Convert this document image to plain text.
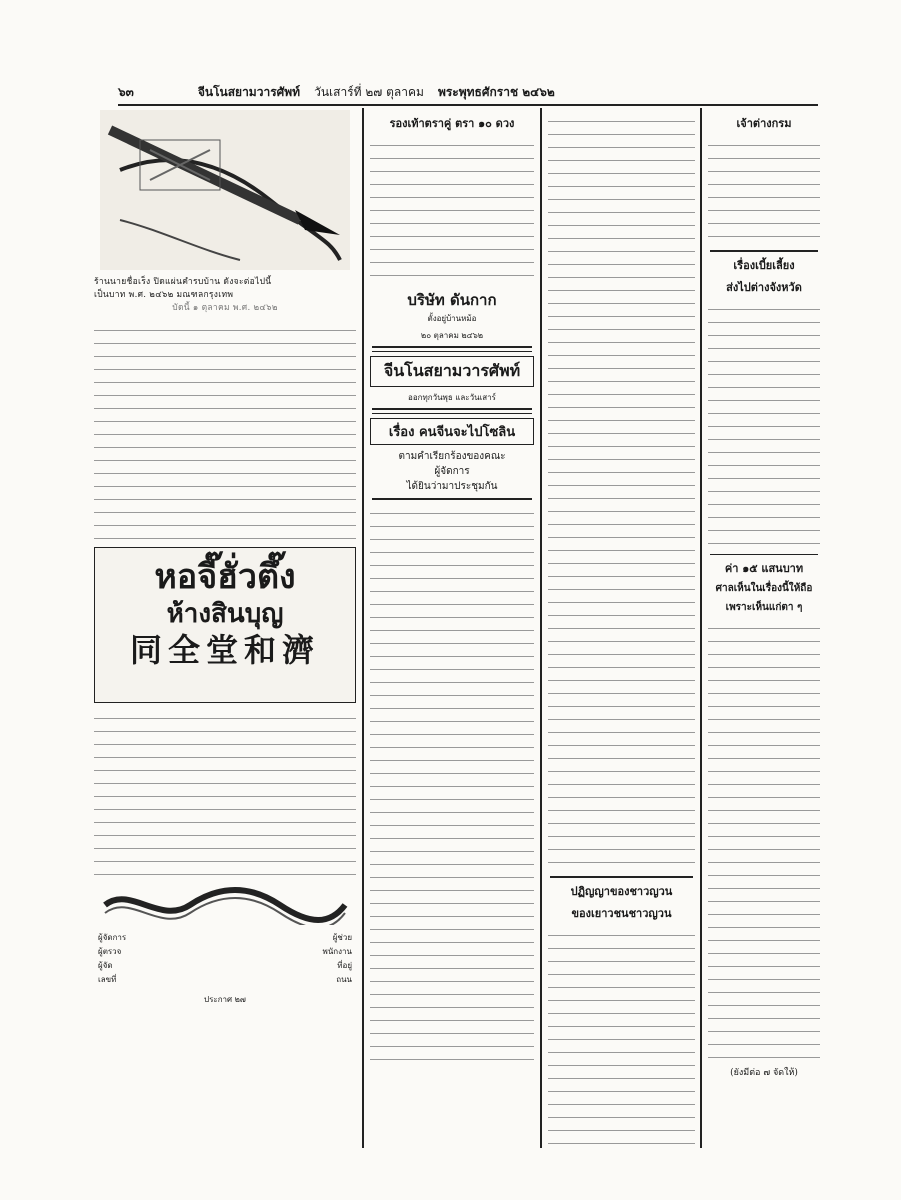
๖๓	จีนโนสยามวารศัพท์ วันเสาร์ที่ ๒๗ ตุลาคม พระพุทธศักราช ๒๔๖๒

ร้านนายชื่อเร็ง ปิดแผ่นคำรบบ้าน ดังจะต่อไปนี้

เป็นบาท พ.ศ. ๒๔๖๒ มณฑลกรุงเทพ

บัดนี้ ๑ ตุลาคม พ.ศ. ๒๔๖๒

หอจี๊ฮั่วตึ๊ง
ห้างสินบุญ
同全堂和濟
ผู้จัดการ	ผู้ช่วย
ผู้ตรวจ	พนักงาน
ผู้จัด	ที่อยู่
เลขที่	ถนน
ประกาศ ๒๗
รองเท้าตราคู่ ตรา ๑๐ ดวง
บริษัท ดันกาก
ตั้งอยู่บ้านหม้อ
๒๐ ตุลาคม ๒๔๖๒
จีนโนสยามวารศัพท์
ออกทุกวันพุธ และวันเสาร์
เรื่อง คนจีนจะไปโซลิน
ตามคำเรียกร้องของคณะ
ผู้จัดการ
ได้ยินว่ามาประชุมกัน
ปฏิญญาของชาวญวน
ของเยาวชนชาวญวน
เจ้าต่างกรม
เรื่องเบี้ยเลี้ยง
ส่งไปต่างจังหวัด
ค่า ๑๕ แสนบาท
ศาลเห็นในเรื่องนี้ให้ถือ
เพราะเห็นแก่ตา ๆ
(ยังมีต่อ ๗ จัดให้)
